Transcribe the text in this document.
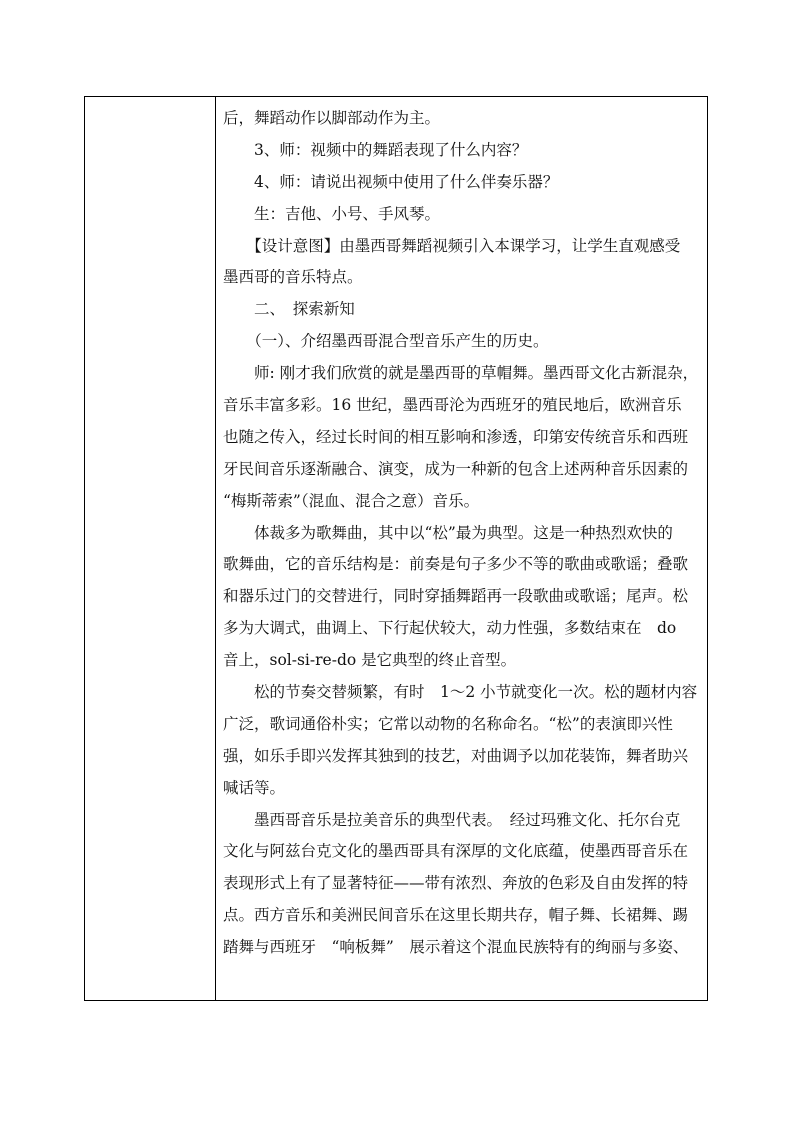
后，舞蹈动作以脚部动作为主。
　　3、师：视频中的舞蹈表现了什么内容？
　　4、师：请说出视频中使用了什么伴奏乐器？
　　生：吉他、小号、手风琴。
　　【设计意图】由墨西哥舞蹈视频引入本课学习，让学生直观感受
墨西哥的音乐特点。
　　二、　探索新知
　　（一）、介绍墨西哥混合型音乐产生的历史。
　　师: 刚才我们欣赏的就是墨西哥的草帽舞。墨西哥文化古新混杂，
音乐丰富多彩。16 世纪，墨西哥沦为西班牙的殖民地后，欧洲音乐
也随之传入，经过长时间的相互影响和渗透，印第安传统音乐和西班
牙民间音乐逐渐融合、演变，成为一种新的包含上述两种音乐因素的
“梅斯蒂索”（混血、混合之意）音乐。
　　体裁多为歌舞曲，其中以“松”最为典型。这是一种热烈欢快的
歌舞曲，它的音乐结构是：前奏是句子多少不等的歌曲或歌谣；叠歌
和器乐过门的交替进行，同时穿插舞蹈再一段歌曲或歌谣；尾声。松
多为大调式，曲调上、下行起伏较大，动力性强，多数结束在　do
音上，sol-si-re-do 是它典型的终止音型。
　　松的节奏交替频繁，有时　1～2 小节就变化一次。松的题材内容
广泛，歌词通俗朴实；它常以动物的名称命名。“松”的表演即兴性
强，如乐手即兴发挥其独到的技艺，对曲调予以加花装饰，舞者助兴
喊话等。
　　墨西哥音乐是拉美音乐的典型代表。　经过玛雅文化、托尔台克
文化与阿兹台克文化的墨西哥具有深厚的文化底蕴，使墨西哥音乐在
表现形式上有了显著特征——带有浓烈、奔放的色彩及自由发挥的特
点。西方音乐和美洲民间音乐在这里长期共存，帽子舞、长裙舞、踢
踏舞与西班牙　“响板舞”　展示着这个混血民族特有的绚丽与多姿、
